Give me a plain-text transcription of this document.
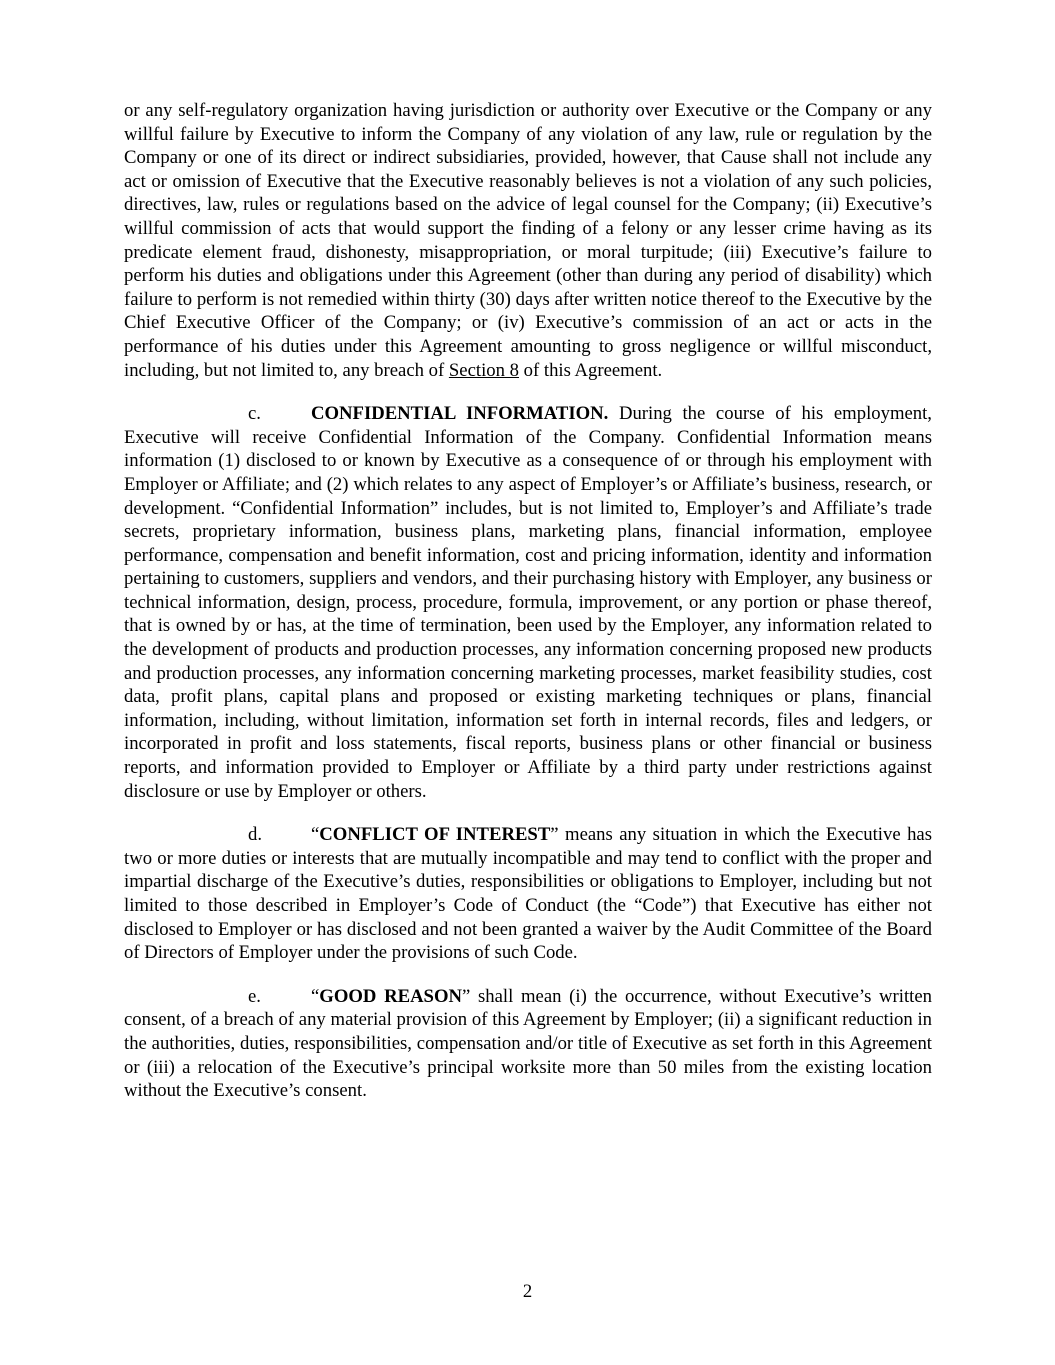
or any self-regulatory organization having jurisdiction or authority over Executive or the Company or any willful failure by Executive to inform the Company of any violation of any law, rule or regulation by the Company or one of its direct or indirect subsidiaries, provided, however, that Cause shall not include any act or omission of Executive that the Executive reasonably believes is not a violation of any such policies, directives, law, rules or regulations based on the advice of legal counsel for the Company; (ii) Executive’s willful commission of acts that would support the finding of a felony or any lesser crime having as its predicate element fraud, dishonesty, misappropriation, or moral turpitude; (iii) Executive’s failure to perform his duties and obligations under this Agreement (other than during any period of disability) which failure to perform is not remedied within thirty (30) days after written notice thereof to the Executive by the Chief Executive Officer of the Company; or (iv) Executive’s commission of an act or acts in the performance of his duties under this Agreement amounting to gross negligence or willful misconduct, including, but not limited to, any breach of Section 8 of this Agreement.

c.	CONFIDENTIAL INFORMATION. During the course of his employment, Executive will receive Confidential Information of the Company. Confidential Information means information (1) disclosed to or known by Executive as a consequence of or through his employment with Employer or Affiliate; and (2) which relates to any aspect of Employer’s or Affiliate’s business, research, or development. “Confidential Information” includes, but is not limited to, Employer’s and Affiliate’s trade secrets, proprietary information, business plans, marketing plans, financial information, employee performance, compensation and benefit information, cost and pricing information, identity and information pertaining to customers, suppliers and vendors, and their purchasing history with Employer, any business or technical information, design, process, procedure, formula, improvement, or any portion or phase thereof, that is owned by or has, at the time of termination, been used by the Employer, any information related to the development of products and production processes, any information concerning proposed new products and production processes, any information concerning marketing processes, market feasibility studies, cost data, profit plans, capital plans and proposed or existing marketing techniques or plans, financial information, including, without limitation, information set forth in internal records, files and ledgers, or incorporated in profit and loss statements, fiscal reports, business plans or other financial or business reports, and information provided to Employer or Affiliate by a third party under restrictions against disclosure or use by Employer or others.

d.	“CONFLICT OF INTEREST” means any situation in which the Executive has two or more duties or interests that are mutually incompatible and may tend to conflict with the proper and impartial discharge of the Executive’s duties, responsibilities or obligations to Employer, including but not limited to those described in Employer’s Code of Conduct (the “Code”) that Executive has either not disclosed to Employer or has disclosed and not been granted a waiver by the Audit Committee of the Board of Directors of Employer under the provisions of such Code.

e.	“GOOD REASON” shall mean (i) the occurrence, without Executive’s written consent, of a breach of any material provision of this Agreement by Employer; (ii) a significant reduction in the authorities, duties, responsibilities, compensation and/or title of Executive as set forth in this Agreement or (iii) a relocation of the Executive’s principal worksite more than 50 miles from the existing location without the Executive’s consent.

2
